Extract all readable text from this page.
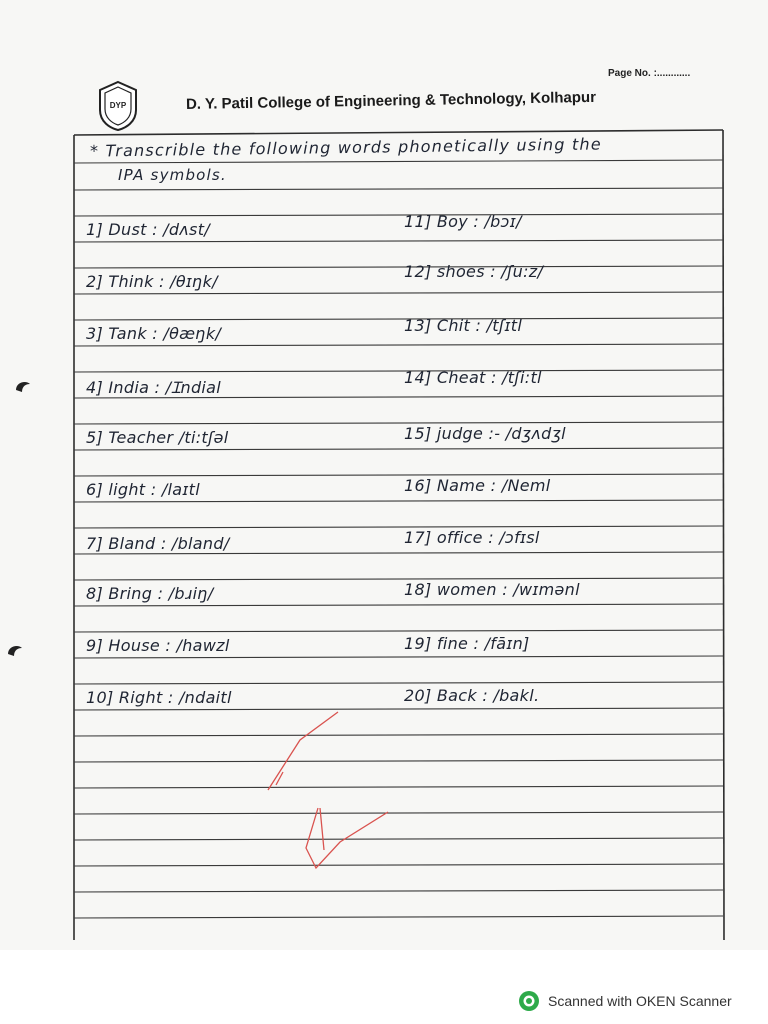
Page No. :............
DYP	D. Y. Patil College of Engineering & Technology, Kolhapur
* Transcrible the following words phonetically using the
IPA symbols.
1] Dust : /dʌst/
2] Think : /θɪŋk/
3] Tank : /θæŋk/
4] India : /Ɪndial
5] Teacher /ti:tʃəl
6] light : /laɪtl
7] Bland : /bland/
8] Bring : /bɹiŋ/
9] House : /hawzl
10] Right : /ndaitl
11] Boy : /bɔɪ/
12] shoes : /ʃu:z/
13] Chit : /tʃɪtl
14] Cheat : /tʃi:tl
15] judge :- /dʒʌdʒl
16] Name : /Neml
17] office : /ɔfɪsl
18] women : /wɪmənl
19] fine : /fāɪn]
20] Back : /bakl.
Scanned with OKEN Scanner
